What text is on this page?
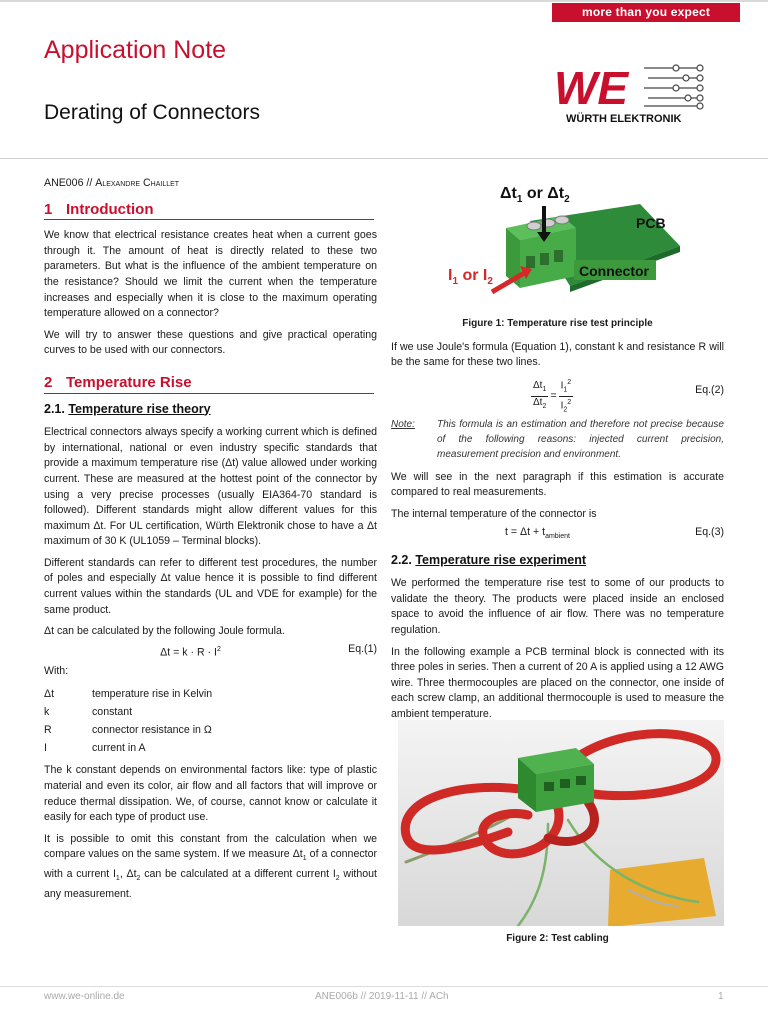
more than you expect
Application Note
Derating of Connectors	WE
WÜRTH ELEKTRONIK
ANE006 // Alexandre Chaillet
1 Introduction

We know that electrical resistance creates heat when a current goes through it. The amount of heat is directly related to these two parameters. But what is the influence of the ambient temperature on the resistance? Should we limit the current when the temperature increases and especially when it is close to the maximum operating temperature allowed on a connector?

We will try to answer these questions and give practical operating curves to be used with our connectors.

2 Temperature Rise
2.1. Temperature rise theory

Electrical connectors always specify a working current which is defined by international, national or even industry specific standards that provide a maximum temperature rise (Δt) value allowed under working current. These are measured at the hottest point of the connector by using a very precise processes (usually EIA364-70 standard is followed). Different standards might allow different values for this maximum Δt. For UL certification, Würth Elektronik chose to have a Δt maximum of 30 K (UL1059 – Terminal blocks).

Different standards can refer to different test procedures, the number of poles and especially Δt value hence it is possible to find different current values within the standards (UL and VDE for example) for the same product.

Δt can be calculated by the following Joule formula.

$\Delta t = k \cdot R \cdot I^2$	Eq.(1)

With:

Δt	temperature rise in Kelvin
k	constant
R	connector resistance in Ω
I	current in A

The k constant depends on environmental factors like: type of plastic material and even its color, air flow and all factors that will improve or reduce thermal dissipation. We, of course, cannot know or calculate it easily for each type of product use.

It is possible to omit this constant from the calculation when we compare values on the same system. If we measure $\Delta t_1$ of a connector with a current $I_1$, $\Delta t_2$ can be calculated at a different current $I_2$ without any measurement.

Connector
PCB
$\Delta t_1$ or $\Delta t_2$
$I_1$ or $I_2$
Figure 1: Temperature rise test principle

If we use Joule's formula (Equation 1), constant k and resistance R will be the same for these two lines.

$\frac{\Delta t_1}{\Delta t_2} = \frac{I_1^2}{I_2^2}$	Eq.(2)
Note:	This formula is an estimation and therefore not precise because of the following reasons: injected current precision, measurement precision and environment.

We will see in the next paragraph if this estimation is accurate compared to real measurements.

The internal temperature of the connector is

$t = \Delta t + t_{ambient}$	Eq.(3)
2.2. Temperature rise experiment

We performed the temperature rise test to some of our products to validate the theory. The products were placed inside an enclosed space to avoid the influence of air flow. There was no temperature regulation.

In the following example a PCB terminal block is connected with its three poles in series. Then a current of 20 A is applied using a 12 AWG wire. Three thermocouples are placed on the connector, one inside of each screw clamp, an additional thermocouple is used to measure the ambient temperature.

Figure 2: Test cabling
www.we-online.de	ANE006b // 2019-11-11 // ACh	1
